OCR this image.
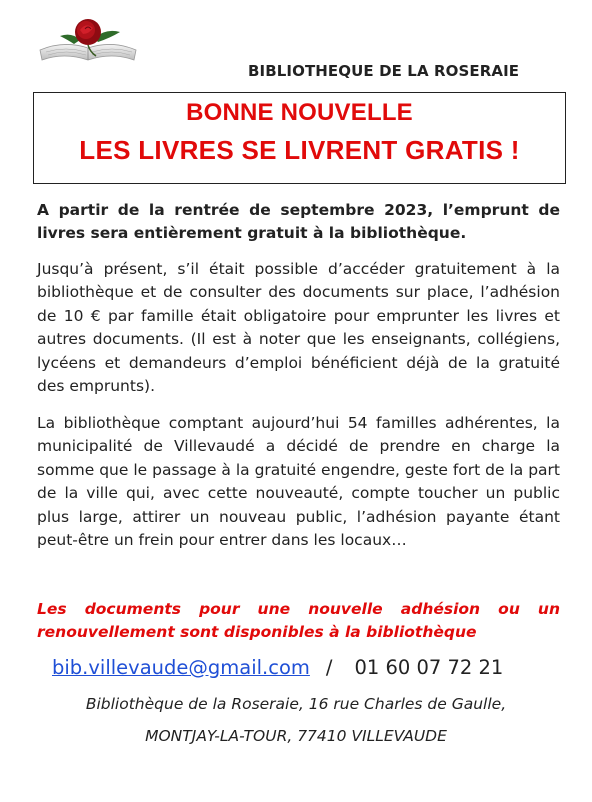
BIBLIOTHEQUE DE LA ROSERAIE
BONNE NOUVELLE
LES LIVRES SE LIVRENT GRATIS !
A partir de la rentrée de septembre 2023, l’emprunt de livres sera entièrement gratuit à la bibliothèque.
Jusqu’à présent, s’il était possible d’accéder gratuitement à la bibliothèque et de consulter des documents sur place, l’adhésion de 10 € par famille était obligatoire pour emprunter les livres et autres documents. (Il est à noter que les enseignants, collégiens, lycéens et demandeurs d’emploi bénéficient déjà de la gratuité des emprunts).
La bibliothèque comptant aujourd’hui 54 familles adhérentes, la municipalité de Villevaudé a décidé de prendre en charge la somme que le passage à la gratuité engendre, geste fort de la part de la ville qui, avec cette nouveauté, compte toucher un public plus large, attirer un nouveau public, l’adhésion payante étant peut-être un frein pour entrer dans les locaux…
Les documents pour une nouvelle adhésion ou un renouvellement sont disponibles à la bibliothèque
bib.villevaude@gmail.com / 01 60 07 72 21
Bibliothèque de la Roseraie, 16 rue Charles de Gaulle,
MONTJAY-LA-TOUR, 77410 VILLEVAUDE
